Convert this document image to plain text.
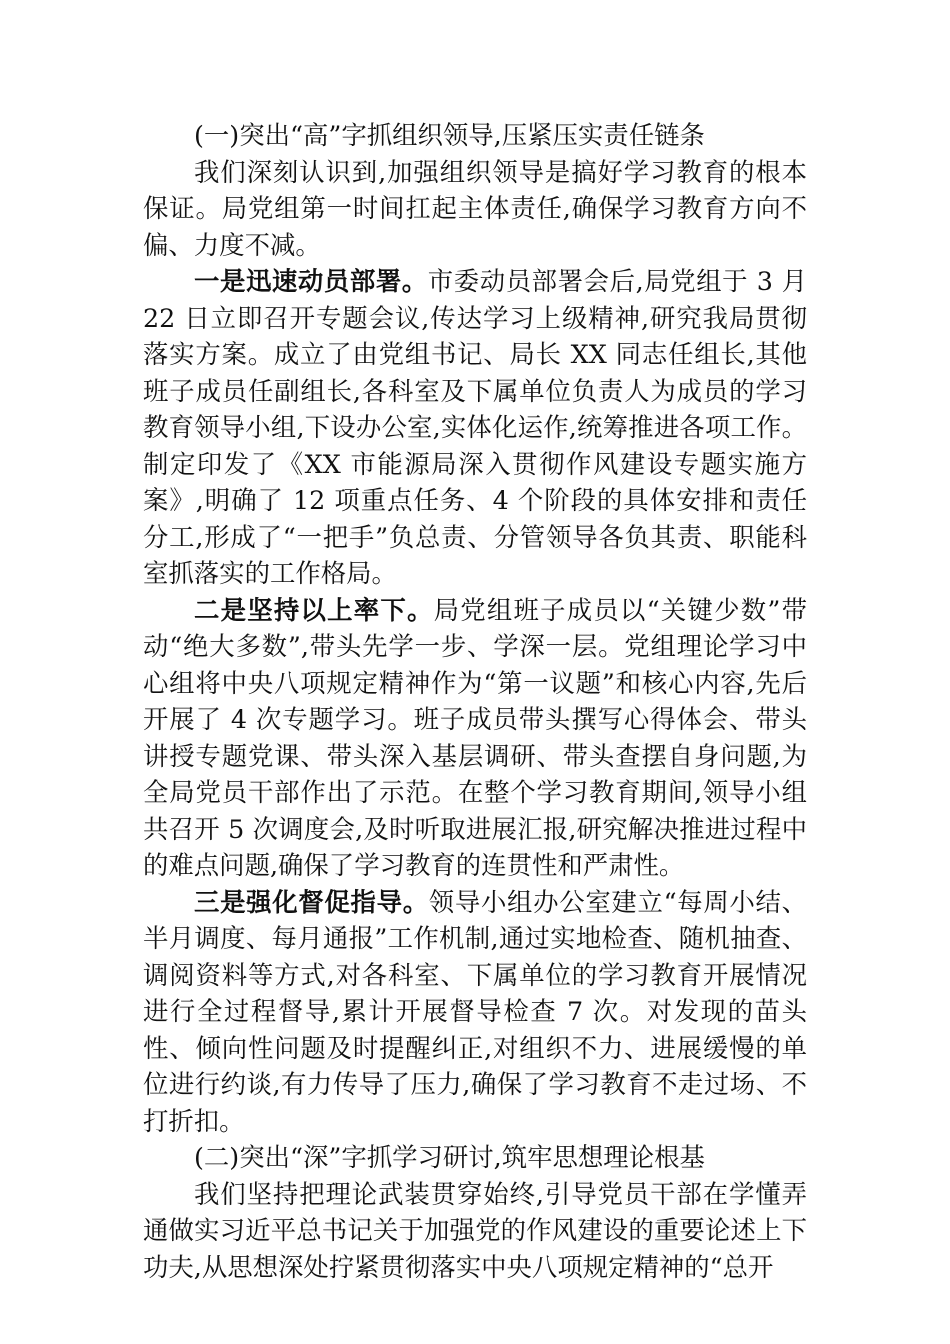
(一)突出“高”字抓组织领导,压紧压实责任链条

我们深刻认识到,加强组织领导是搞好学习教育的根本保证。局党组第一时间扛起主体责任,确保学习教育方向不偏、力度不减。

一是迅速动员部署。市委动员部署会后,局党组于 3 月 22 日立即召开专题会议,传达学习上级精神,研究我局贯彻落实方案。成立了由党组书记、局长 XX 同志任组长,其他班子成员任副组长,各科室及下属单位负责人为成员的学习教育领导小组,下设办公室,实体化运作,统筹推进各项工作。制定印发了《XX 市能源局深入贯彻作风建设专题实施方案》,明确了 12 项重点任务、4 个阶段的具体安排和责任分工,形成了“一把手”负总责、分管领导各负其责、职能科室抓落实的工作格局。

二是坚持以上率下。局党组班子成员以“关键少数”带动“绝大多数”,带头先学一步、学深一层。党组理论学习中心组将中央八项规定精神作为“第一议题”和核心内容,先后开展了 4 次专题学习。班子成员带头撰写心得体会、带头讲授专题党课、带头深入基层调研、带头查摆自身问题,为全局党员干部作出了示范。在整个学习教育期间,领导小组共召开 5 次调度会,及时听取进展汇报,研究解决推进过程中的难点问题,确保了学习教育的连贯性和严肃性。

三是强化督促指导。领导小组办公室建立“每周小结、半月调度、每月通报”工作机制,通过实地检查、随机抽查、调阅资料等方式,对各科室、下属单位的学习教育开展情况进行全过程督导,累计开展督导检查 7 次。对发现的苗头性、倾向性问题及时提醒纠正,对组织不力、进展缓慢的单位进行约谈,有力传导了压力,确保了学习教育不走过场、不打折扣。

(二)突出“深”字抓学习研讨,筑牢思想理论根基

我们坚持把理论武装贯穿始终,引导党员干部在学懂弄通做实习近平总书记关于加强党的作风建设的重要论述上下功夫,从思想深处拧紧贯彻落实中央八项规定精神的“总开
